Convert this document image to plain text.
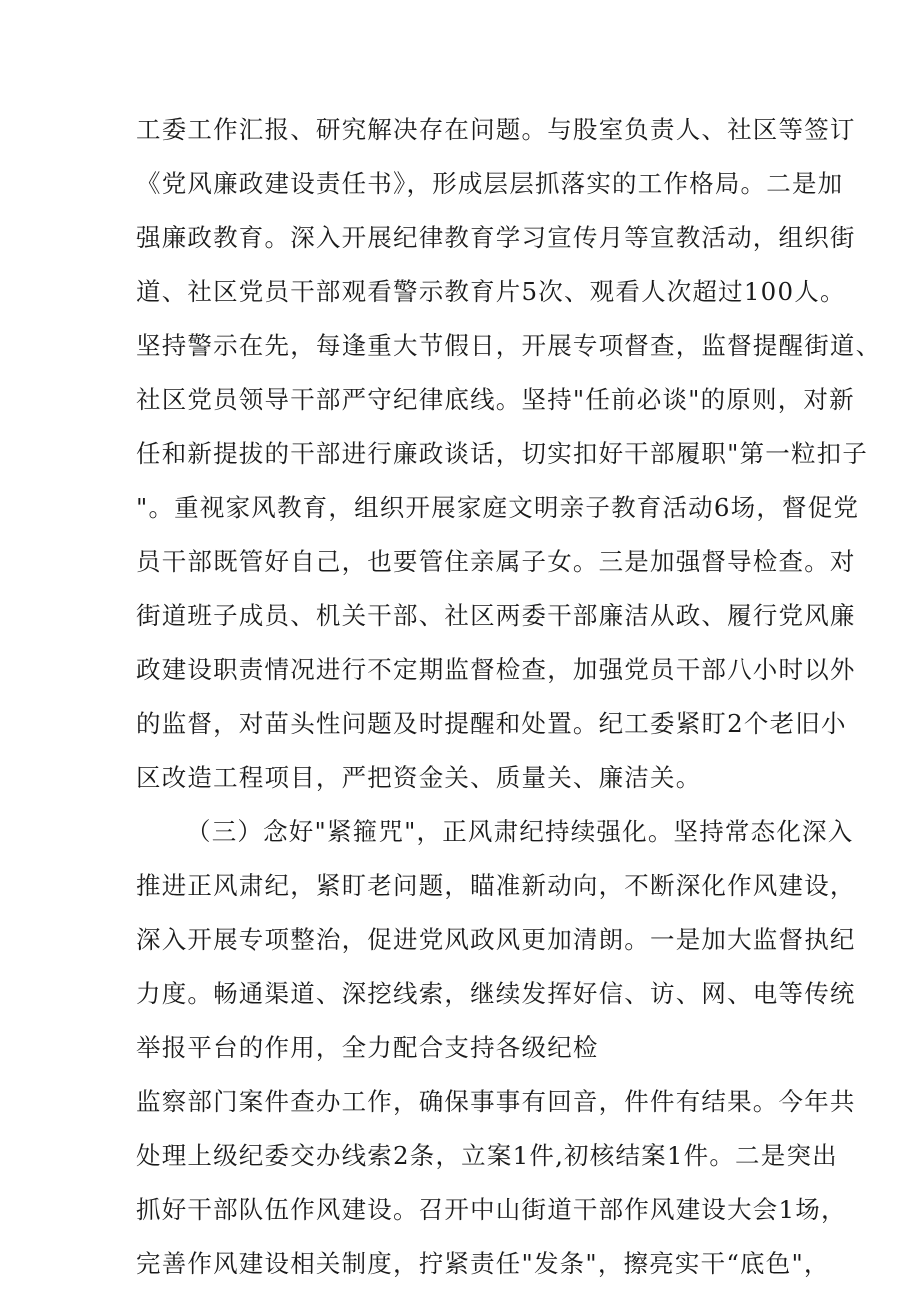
工委工作汇报、研究解决存在问题。与股室负责人、社区等签订
《党风廉政建设责任书》，形成层层抓落实的工作格局。二是加
强廉政教育。深入开展纪律教育学习宣传月等宣教活动，组织街
道、社区党员干部观看警示教育片5次、观看人次超过100人。
坚持警示在先，每逢重大节假日，开展专项督查，监督提醒街道、
社区党员领导干部严守纪律底线。坚持"任前必谈"的原则，对新
任和新提拔的干部进行廉政谈话，切实扣好干部履职"第一粒扣子
"。重视家风教育，组织开展家庭文明亲子教育活动6场，督促党
员干部既管好自己，也要管住亲属子女。三是加强督导检查。对
街道班子成员、机关干部、社区两委干部廉洁从政、履行党风廉
政建设职责情况进行不定期监督检查，加强党员干部八小时以外
的监督，对苗头性问题及时提醒和处置。纪工委紧盯2个老旧小
区改造工程项目，严把资金关、质量关、廉洁关。
（三）念好"紧箍咒"，正风肃纪持续强化。坚持常态化深入
推进正风肃纪，紧盯老问题，瞄准新动向，不断深化作风建设，
深入开展专项整治，促进党风政风更加清朗。一是加大监督执纪
力度。畅通渠道、深挖线索，继续发挥好信、访、网、电等传统
举报平台的作用，全力配合支持各级纪检
监察部门案件查办工作，确保事事有回音，件件有结果。今年共
处理上级纪委交办线索2条，立案1件,初核结案1件。二是突出
抓好干部队伍作风建设。召开中山街道干部作风建设大会1场，
完善作风建设相关制度，拧紧责任"发条"，擦亮实干“底色"，
